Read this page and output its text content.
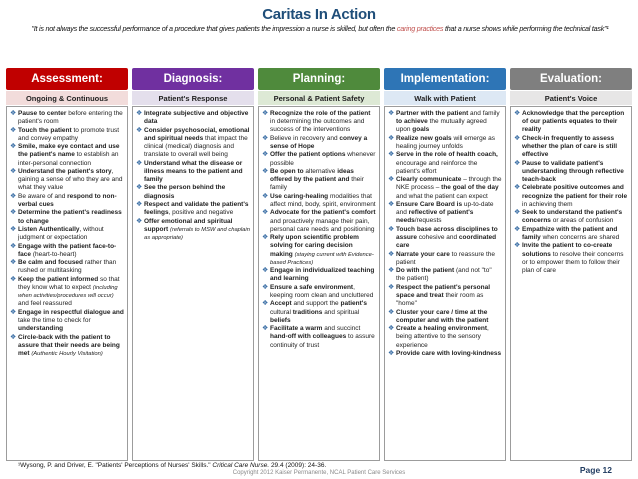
Caritas In Action
"It is not always the successful performance of a procedure that gives patients the impression a nurse is skilled, but often the caring practices that a nurse shows while performing the technical task"¹
Assessment:
Ongoing & Continuous
❖ Pause to center before entering the patient's room
❖ Touch the patient to promote trust and convey empathy
❖ Smile, make eye contact and use the patient's name to establish an inter-personal connection
❖ Understand the patient's story, gaining a sense of who they are and what they value
❖ Be aware of and respond to non-verbal cues
❖ Determine the patient's readiness to change
❖ Listen Authentically, without judgment or expectation
❖ Engage with the patient face-to-face (heart-to-heart)
❖ Be calm and focused rather than rushed or multitasking
❖ Keep the patient informed so that they know what to expect (including when activities/procedures will occur) and feel reassured
❖ Engage in respectful dialogue and take the time to check for understanding
❖ Circle-back with the patient to assure that their needs are being met (Authentic Hourly Visitation)
Diagnosis:
Patient's Response
❖ Integrate subjective and objective data
❖ Consider psychosocial, emotional and spiritual needs that impact the clinical (medical) diagnosis and translate to overall well being
❖ Understand what the disease or illness means to the patient and family
❖ See the person behind the diagnosis
❖ Respect and validate the patient's feelings, positive and negative
❖ Offer emotional and spiritual support (referrals to MSW and chaplain as appropriate)
Planning:
Personal & Patient Safety
❖ Recognize the role of the patient in determining the outcomes and success of the interventions
❖ Believe in recovery and convey a sense of Hope
❖ Offer the patient options whenever possible
❖ Be open to alternative ideas offered by the patient and their family
❖ Use caring-healing modalities that affect mind, body, spirit, environment
❖ Advocate for the patient's comfort and proactively manage their pain, personal care needs and positioning
❖ Rely upon scientific problem solving for caring decision making (staying current with Evidence-based Practices)
❖ Engage in individualized teaching and learning
❖ Ensure a safe environment, keeping room clean and uncluttered
❖ Accept and support the patient's cultural traditions and spiritual beliefs
❖ Facilitate a warm and succinct hand-off with colleagues to assure continuity of trust
Implementation:
Walk with Patient
❖ Partner with the patient and family to achieve the mutually agreed upon goals
❖ Realize new goals will emerge as healing journey unfolds
❖ Serve in the role of health coach, encourage and reinforce the patient's effort
❖ Clearly communicate – through the NKE process – the goal of the day and what the patient can expect
❖ Ensure Care Board is up-to-date and reflective of patient's needs/requests
❖ Touch base across disciplines to assure cohesive and coordinated care
❖ Narrate your care to reassure the patient
❖ Do with the patient (and not "to" the patient)
❖ Respect the patient's personal space and treat their room as "home"
❖ Cluster your care / time at the computer and with the patient
❖ Create a healing environment, being attentive to the sensory experience
❖ Provide care with loving-kindness
Evaluation:
Patient's Voice
❖ Acknowledge that the perception of our patients equates to their reality
❖ Check-in frequently to assess whether the plan of care is still effective
❖ Pause to validate patient's understanding through reflective teach-back
❖ Celebrate positive outcomes and recognize the patient for their role in achieving them
❖ Seek to understand the patient's concerns or areas of confusion
❖ Empathize with the patient and family when concerns are shared
❖ Invite the patient to co-create solutions to resolve their concerns or to empower them to follow their plan of care
¹Wysong, P. and Driver, E. "Patients' Perceptions of Nurses' Skills." Critical Care Nurse. 29.4 (2009): 24-36.
Copyright 2012 Kaiser Permanente, NCAL Patient Care Services	Page 12
